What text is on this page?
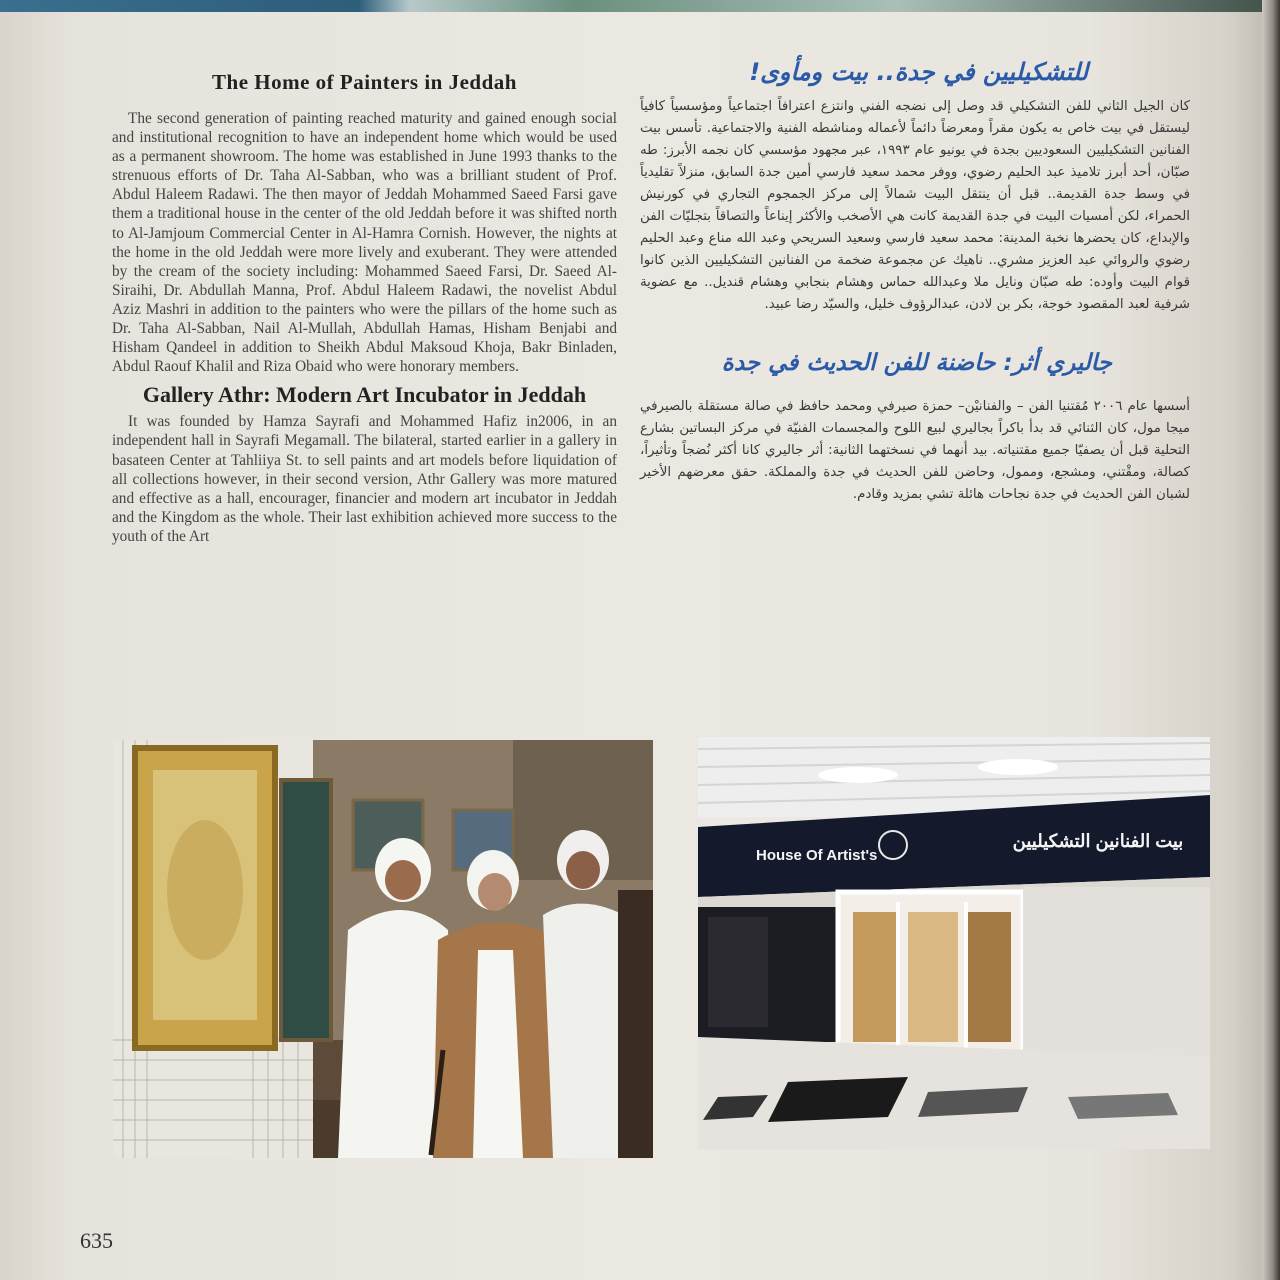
The Home of Painters in Jeddah

The second generation of painting reached maturity and gained enough social and institutional recognition to have an independent home which would be used as a permanent showroom. The home was established in June 1993 thanks to the strenuous efforts of Dr. Taha Al-Sabban, who was a brilliant student of Prof. Abdul Haleem Radawi. The then mayor of Jeddah Mohammed Saeed Farsi gave them a traditional house in the center of the old Jeddah before it was shifted north to Al-Jamjoum Commercial Center in Al-Hamra Cornish. However, the nights at the home in the old Jeddah were more lively and exuberant. They were attended by the cream of the society including: Mohammed Saeed Farsi, Dr. Saeed Al-Siraihi, Dr. Abdullah Manna, Prof. Abdul Haleem Radawi, the novelist Abdul Aziz Mashri in addition to the painters who were the pillars of the home such as Dr. Taha Al-Sabban, Nail Al-Mullah, Abdullah Hamas, Hisham Benjabi and Hisham Qandeel in addition to Sheikh Abdul Maksoud Khoja, Bakr Binladen, Abdul Raouf Khalil and Riza Obaid who were honorary members.

Gallery Athr: Modern Art Incubator in Jeddah

It was founded by Hamza Sayrafi and Mohammed Hafiz in2006, in an independent hall in Sayrafi Megamall. The bilateral, started earlier in a gallery in basateen Center at Tahliiya St. to sell paints and art models before liquidation of all collections however, in their second version, Athr Gallery was more matured and effective as a hall, encourager, financier and modern art incubator in Jeddah and the Kingdom as the whole. Their last exhibition achieved more success to the youth of the Art

للتشكيليين في جدة.. بيت ومأوى!

كان الجيل الثاني للفن التشكيلي قد وصل إلى نضجه الفني وانتزع اعترافاً اجتماعياً ومؤسسياً كافياً ليستقل في بيت خاص به يكون مقراً ومعرضاً دائماً لأعماله ومناشطه الفنية والاجتماعية. تأسس بيت الفنانين التشكيليين السعوديين بجدة في يونيو عام ١٩٩٣، عبر مجهود مؤسسي كان نجمه الأبرز: طه صبّان، أحد أبرز تلاميذ عبد الحليم رضوي، ووفر محمد سعيد فارسي أمين جدة السابق، منزلاً تقليدياً في وسط جدة القديمة.. قبل أن ينتقل البيت شمالاً إلى مركز الجمجوم التجاري في كورنيش الحمراء، لكن أمسيات البيت في جدة القديمة كانت هي الأصخب والأكثر إيناعاً والتصاقاً بتجليّات الفن والإبداع، كان يحضرها نخبة المدينة: محمد سعيد فارسي وسعيد السريحي وعبد الله مناع وعبد الحليم رضوي والروائي عبد العزيز مشري.. ناهيك عن مجموعة ضخمة من الفنانين التشكيليين الذين كانوا قوام البيت وأوده: طه صبّان ونايل ملا وعبدالله حماس وهشام بنجابي وهشام قنديل.. مع عضوية شرفية لعبد المقصود خوجة، بكر بن لادن، عبدالرؤوف خليل، والسيّد رضا عبيد.

جاليري أثر: حاضنة للفن الحديث في جدة

أسسها عام ٢٠٠٦ مُقتنيا الفن – والفنانيْن– حمزة صيرفي ومحمد حافظ في صالة مستقلة بالصيرفي ميجا مول، كان الثنائي قد بدأ باكراً بجاليري لبيع اللوح والمجسمات الفنيّة في مركز البساتين بشارع التحلية قبل أن يصفيّا جميع مقتنياته. بيد أنهما في نسختهما الثانية: أثر جاليري كانا أكثر نُضجاً وتأثيراً، كصالة، ومقْتني، ومشجع، وممول، وحاضن للفن الحديث في جدة والمملكة. حقق معرضهم الأخير لشبان الفن الحديث في جدة نجاحات هائلة تشي بمزيد وقادم.

House Of Artist's
بيت الفنانين التشكيليين
635
